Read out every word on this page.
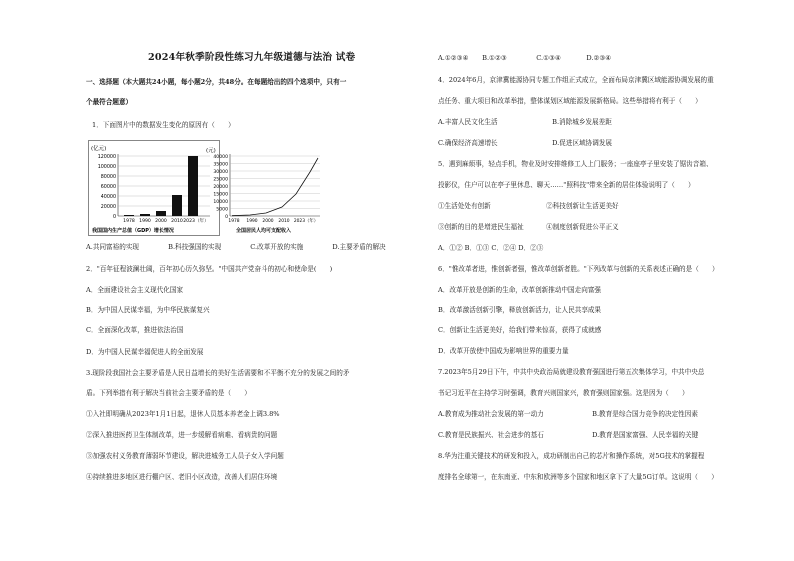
2024年秋季阶段性练习九年级道德与法治 试卷
一、选择题（本大题共24小题，每小题2分，共48分。在每题给出的四个选项中，只有一
个最符合题意）
1．下面图片中的数据发生变化的原因有（　　）
(亿元)
120000
100000
80000
60000
40000
20000
0
1978 1990 2000 2010 2023（年）
我国国内生产总值（GDP）增长情况
(元)
40000
35000
30000
25000
20000
15000
10000
5000
0
1978 1990 2000 2010 2023（年）
全国居民人均可支配收入
A.共同富裕的实现	B.科技强国的实现	C.改革开放的实施	D.主要矛盾的解决
2．"百年征程波澜壮阔，百年初心历久弥坚。"中国共产党奋斗的初心和使命是(　　)
A．全面建设社会主义现代化国家
B．为中国人民谋幸福，为中华民族谋复兴
C．全面深化改革，推进依法治国
D．为中国人民谋幸福促进人的全面发展
3.现阶段我国社会主要矛盾是人民日益增长的美好生活需要和不平衡不充分的发展之间的矛
盾。下列举措有利于解决当前社会主要矛盾的是（　　）
①入社即明确从2023年1月1日起，退休人员基本养老金上调3.8%
②深入推进医药卫生体制改革，进一步缓解看病难、看病贵的问题
③加强农村义务教育薄弱环节建设，解决进城务工人员子女入学问题
④持续推进多地区进行棚户区、老旧小区改造，改善人们居住环境
A.①②③④ B.①②③	C.①③④	D.②③④
4．2024年6月，京津冀能源协同专题工作组正式成立，全面布局京津冀区域能源协调发展的重
点任务、重大项目和改革举措，整体谋划区域能源发展新格局。这些举措将有利于（　　）
A.丰富人民文化生活	B.消除城乡发展差距
C.确保经济高速增长	D.促进区域协调发展
5．遇到麻烦事，轻点手机，物业及时安排维修工人上门服务；一座座亭子里安装了锯齿音箱、
投影仪，住户可以在亭子里休息、聊天……"照科技"带来全新的居住体验说明了（　　）
①生活处处有创新	②科技创新让生活更美好
③创新的目的是增进民生福祉	④制度创新促进公平正义
A．①② B．①③ C．②④ D．②③
6．"惟改革者进，惟创新者强，惟改革创新者胜。"下列改革与创新的关系表述正确的是（　　）
A．改革开放是创新的生命，改革创新推动中国走向富强
B．改革激活创新引擎，释放创新活力，让人民共享成果
C．创新让生活更美好，给我们带来惊喜，获得了成就感
D．改革开放使中国成为影响世界的重要力量
7.2023年5月29日下午，中共中央政治局就建设教育强国进行第五次集体学习，中共中央总
书记习近平在主持学习时强调，教育兴则国家兴，教育强则国家强。这是因为（　　）
A.教育成为推动社会发展的第一动力	B.教育是综合国力竞争的决定性因素
C.教育是民族振兴、社会进步的基石	D.教育是国家富强、人民幸福的关键
8.华为注重关键技术的研发和投入，成功研制出自己的芯片和操作系统，对5G技术的掌握程
度排名全球第一，在东南亚、中东和欧洲等多个国家和地区拿下了大量5G订单。这说明（　　）
